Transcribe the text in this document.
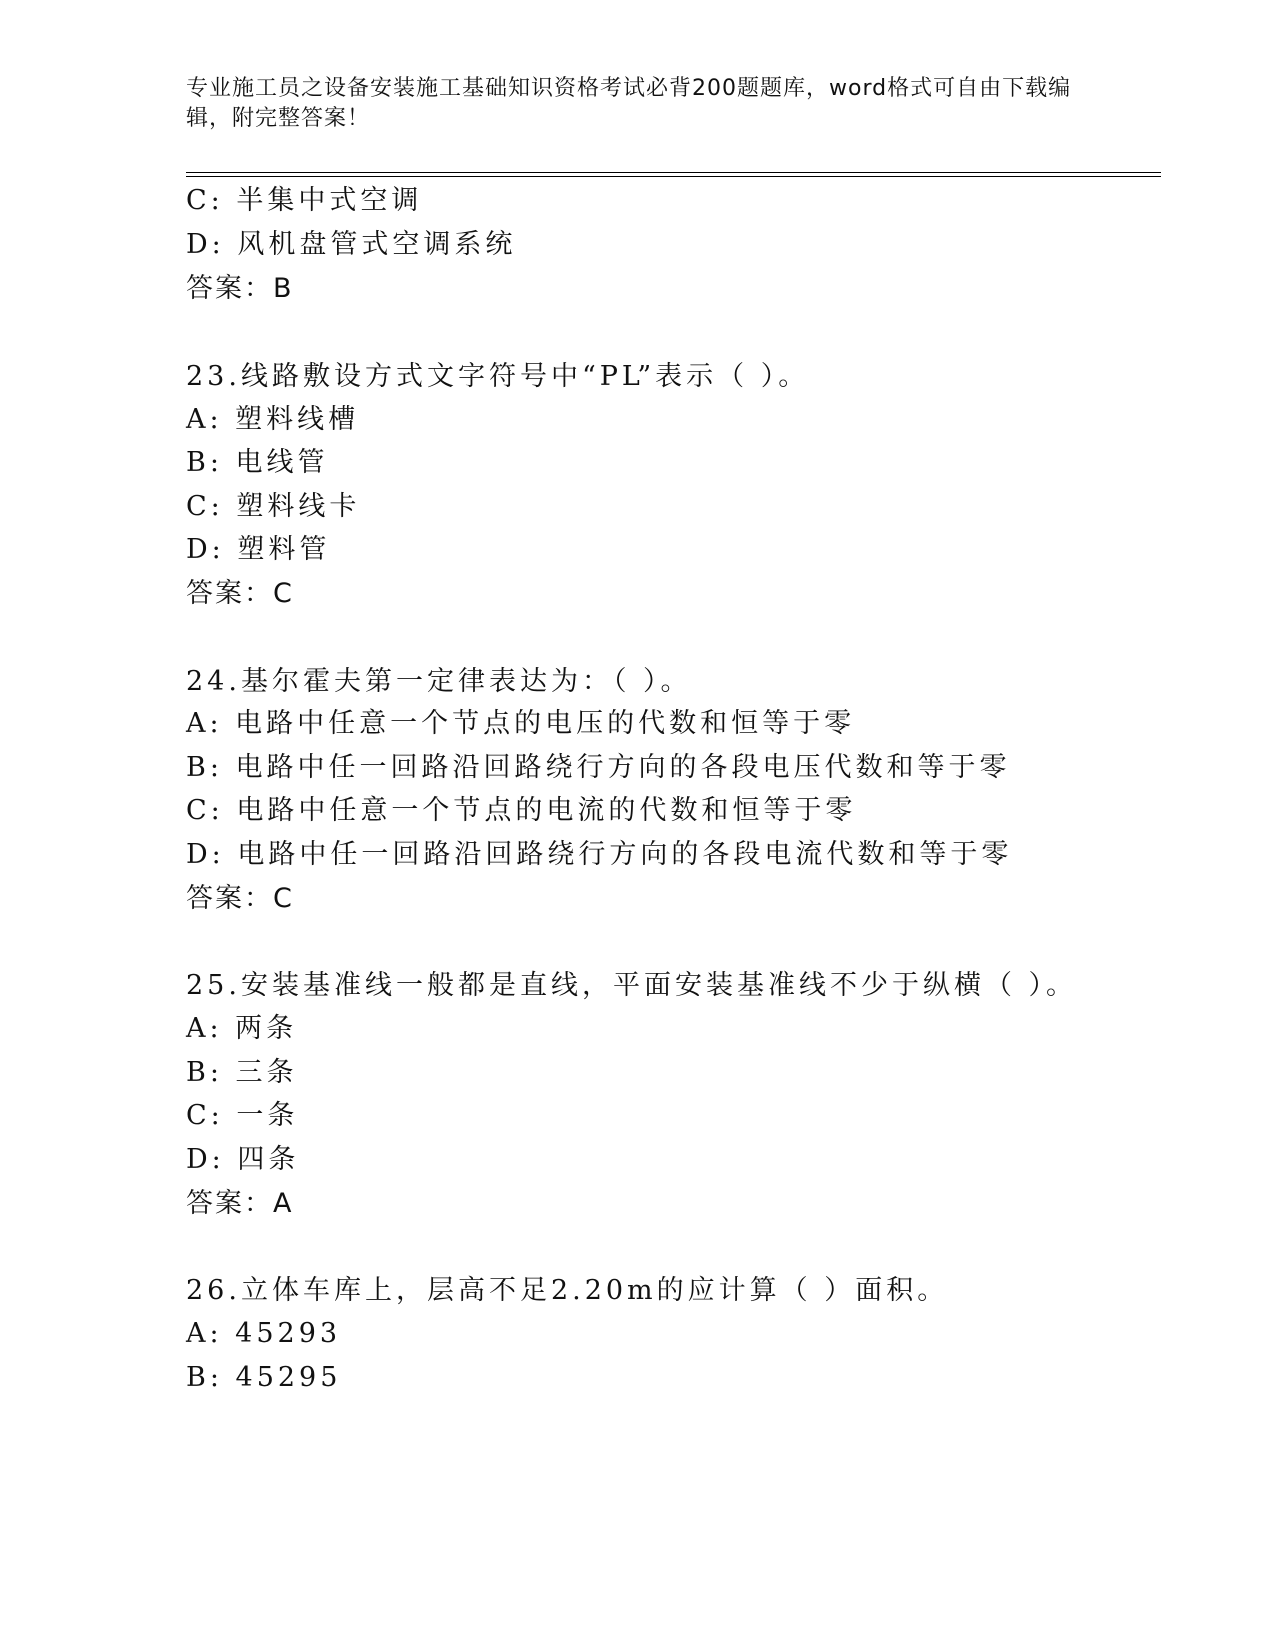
专业施工员之设备安装施工基础知识资格考试必背200题题库，word格式可自由下载编辑，附完整答案！
C: 半集中式空调
D: 风机盘管式空调系统
答案：B
23.线路敷设方式文字符号中“PL”表示（ ）。
A: 塑料线槽
B: 电线管
C: 塑料线卡
D: 塑料管
答案：C
24.基尔霍夫第一定律表达为：（ ）。
A: 电路中任意一个节点的电压的代数和恒等于零
B: 电路中任一回路沿回路绕行方向的各段电压代数和等于零
C: 电路中任意一个节点的电流的代数和恒等于零
D: 电路中任一回路沿回路绕行方向的各段电流代数和等于零
答案：C
25.安装基准线一般都是直线，平面安装基准线不少于纵横（ ）。
A: 两条
B: 三条
C: 一条
D: 四条
答案：A
26.立体车库上，层高不足2.20m的应计算（ ）面积。
A: 45293
B: 45295
